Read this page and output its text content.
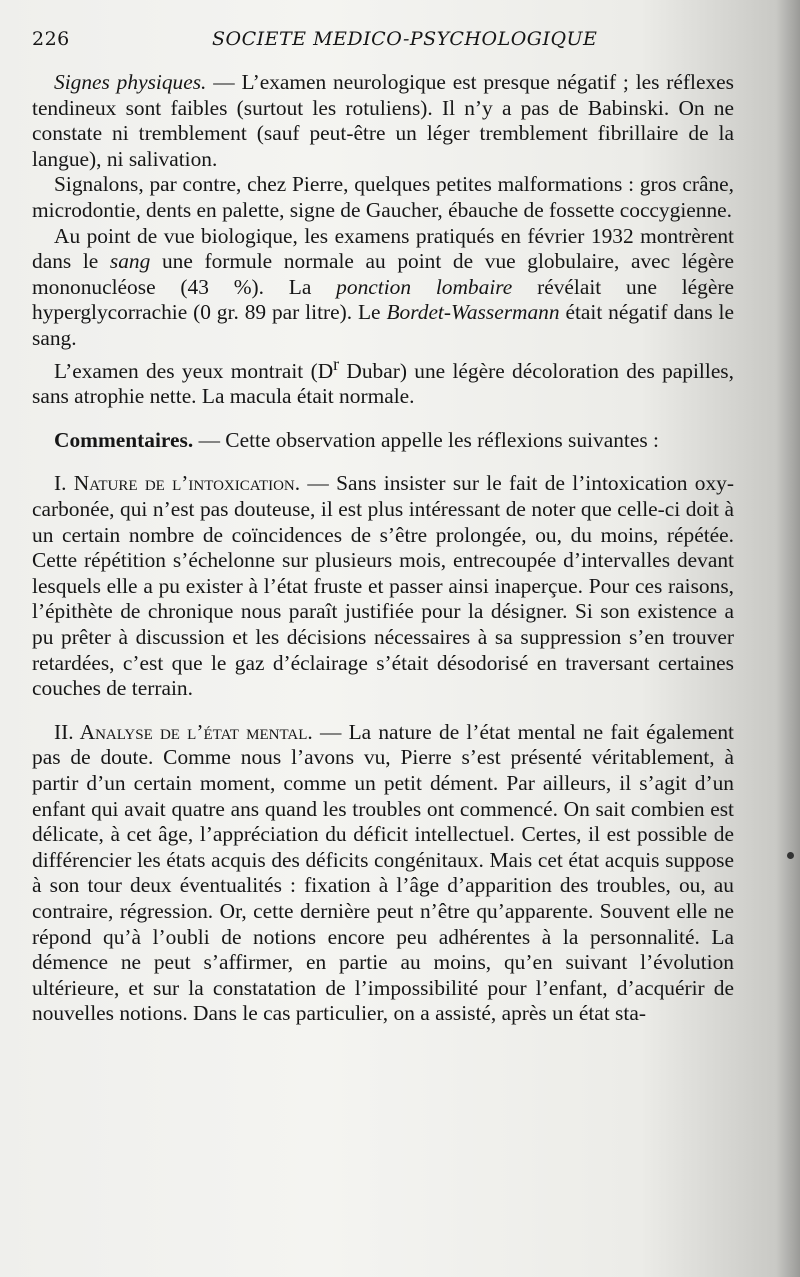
226	SOCIETE MEDICO-PSYCHOLOGIQUE

Signes physiques. — L’examen neurologique est presque négatif ; les réflexes tendineux sont faibles (surtout les rotuliens). Il n’y a pas de Babinski. On ne constate ni tremblement (sauf peut-être un léger tremblement fibrillaire de la langue), ni salivation.

Signalons, par contre, chez Pierre, quelques petites malformations : gros crâne, microdontie, dents en palette, signe de Gaucher, ébauche de fossette coccygienne.

Au point de vue biologique, les examens pratiqués en février 1932 montrèrent dans le sang une formule normale au point de vue globulaire, avec légère mononucléose (43 %). La ponction lombaire révélait une légère hyperglycorrachie (0 gr. 89 par litre). Le Bordet-Wassermann était négatif dans le sang.

L’examen des yeux montrait ($D^r$ Dubar) une légère décoloration des papilles, sans atrophie nette. La macula était normale.

Commentaires. — Cette observation appelle les réflexions suivantes :

I. Nature de l’intoxication. — Sans insister sur le fait de l’intoxication oxy-carbonée, qui n’est pas douteuse, il est plus intéressant de noter que celle-ci doit à un certain nombre de coïncidences de s’être prolongée, ou, du moins, répétée. Cette répétition s’échelonne sur plusieurs mois, entrecoupée d’intervalles devant lesquels elle a pu exister à l’état fruste et passer ainsi inaperçue. Pour ces raisons, l’épithète de chronique nous paraît justifiée pour la désigner. Si son existence a pu prêter à discussion et les décisions nécessaires à sa suppression s’en trouver retardées, c’est que le gaz d’éclairage s’était désodorisé en traversant certaines couches de terrain.

II. Analyse de l’état mental. — La nature de l’état mental ne fait également pas de doute. Comme nous l’avons vu, Pierre s’est présenté véritablement, à partir d’un certain moment, comme un petit dément. Par ailleurs, il s’agit d’un enfant qui avait quatre ans quand les troubles ont commencé. On sait combien est délicate, à cet âge, l’appréciation du déficit intellectuel. Certes, il est possible de différencier les états acquis des déficits congénitaux. Mais cet état acquis suppose à son tour deux éventualités : fixation à l’âge d’apparition des troubles, ou, au contraire, régression. Or, cette dernière peut n’être qu’apparente. Souvent elle ne répond qu’à l’oubli de notions encore peu adhérentes à la personnalité. La démence ne peut s’affirmer, en partie au moins, qu’en suivant l’évolution ultérieure, et sur la constatation de l’impossibilité pour l’enfant, d’acquérir de nouvelles notions. Dans le cas particulier, on a assisté, après un état sta-
